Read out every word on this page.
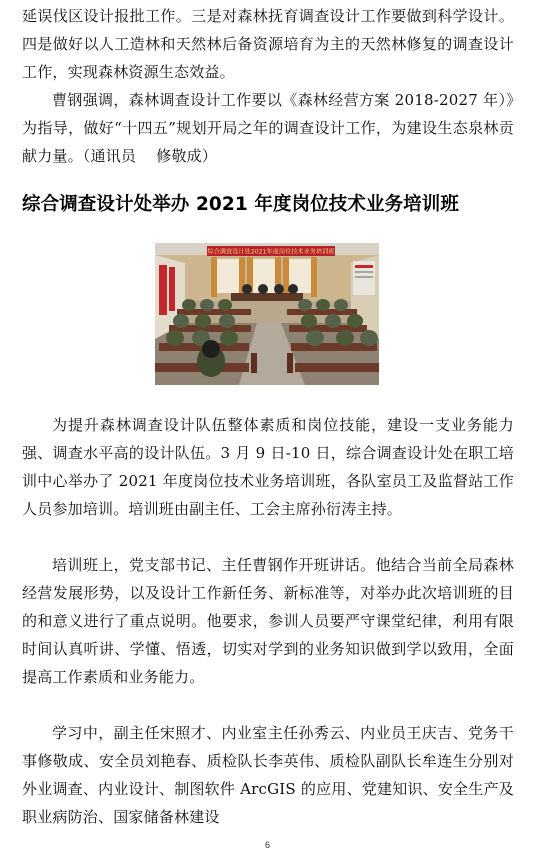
延误伐区设计报批工作。三是对森林抚育调查设计工作要做到科学设计。四是做好以人工造林和天然林后备资源培育为主的天然林修复的调查设计工作，实现森林资源生态效益。

曹钢强调，森林调查设计工作要以《森林经营方案 2018-2027 年）》为指导，做好“十四五”规划开局之年的调查设计工作，为建设生态泉林贡献力量。（通讯员　 修敬成）

综合调查设计处举办 2021 年度岗位技术业务培训班
综合调查设计处2021年度岗位技术业务培训班

为提升森林调查设计队伍整体素质和岗位技能，建设一支业务能力强、调查水平高的设计队伍。3 月 9 日-10 日，综合调查设计处在职工培训中心举办了 2021 年度岗位技术业务培训班，各队室员工及监督站工作人员参加培训。培训班由副主任、工会主席孙衍涛主持。

培训班上，党支部书记、主任曹钢作开班讲话。他结合当前全局森林经营发展形势，以及设计工作新任务、新标准等，对举办此次培训班的目的和意义进行了重点说明。他要求，参训人员要严守课堂纪律，利用有限时间认真听讲、学懂、悟透，切实对学到的业务知识做到学以致用，全面提高工作素质和业务能力。

学习中，副主任宋照才、内业室主任孙秀云、内业员王庆吉、党务干事修敬成、安全员刘艳春、质检队长李英伟、质检队副队长牟连生分别对外业调查、内业设计、制图软件 ArcGIS 的应用、党建知识、安全生产及职业病防治、国家储备林建设

6
